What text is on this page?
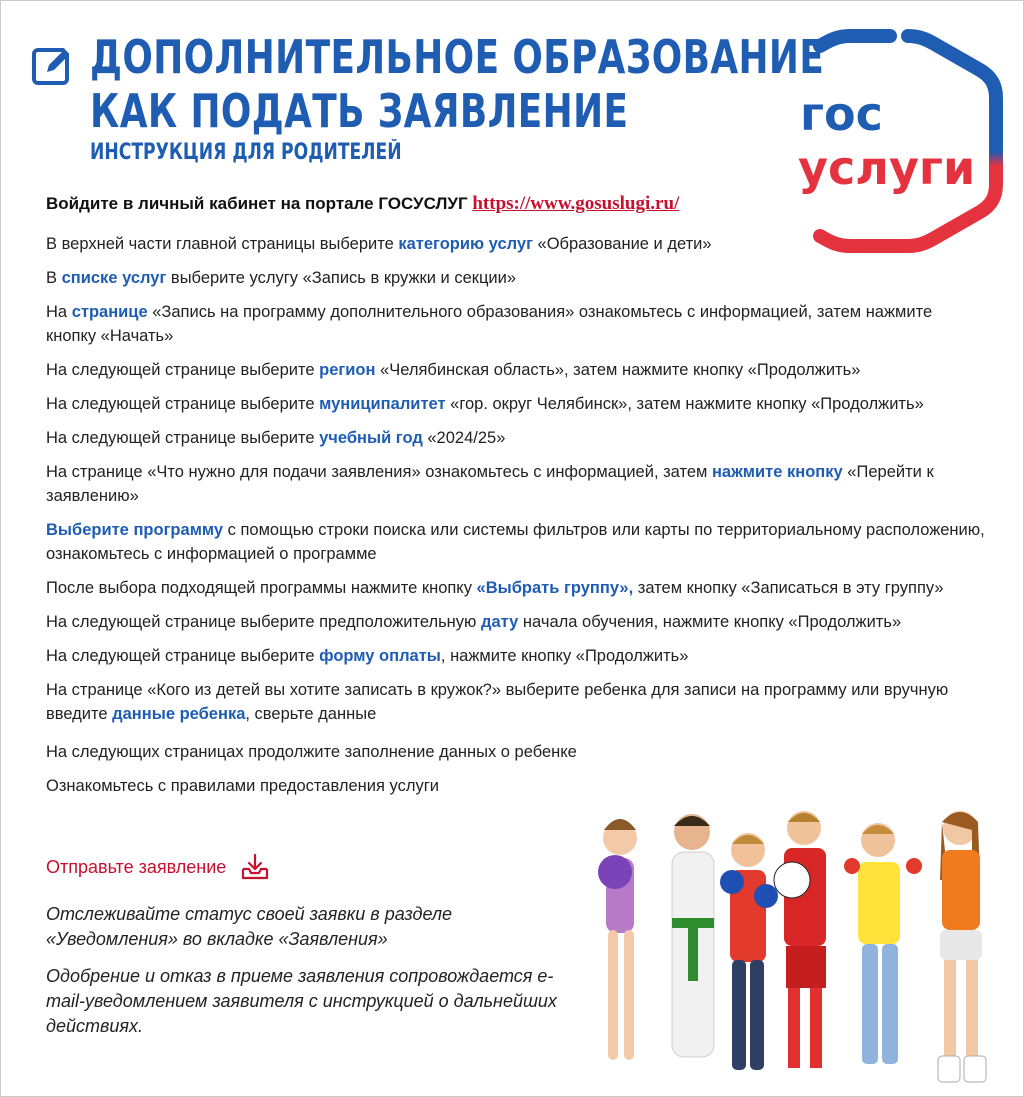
ДОПОЛНИТЕЛЬНОЕ ОБРАЗОВАНИЕ
КАК ПОДАТЬ ЗАЯВЛЕНИЕ
ИНСТРУКЦИЯ ДЛЯ РОДИТЕЛЕЙ
гос
услуги

Войдите в личный кабинет на портале ГОСУСЛУГ https://www.gosuslugi.ru/

В верхней части главной страницы выберите категорию услуг «Образование и дети»
В списке услуг выберите услугу «Запись в кружки и секции»
На странице «Запись на программу дополнительного образования» ознакомьтесь с информацией, затем нажмите кнопку «Начать»
На следующей странице выберите регион «Челябинская область», затем нажмите кнопку «Продолжить»
На следующей странице выберите муниципалитет «гор. округ Челябинск», затем нажмите кнопку «Продолжить»
На следующей странице выберите учебный год «2024/25»
На странице «Что нужно для подачи заявления» ознакомьтесь с информацией, затем нажмите кнопку «Перейти к заявлению»
Выберите программу с помощью строки поиска или системы фильтров или карты по территориальному расположению, ознакомьтесь с информацией о программе
После выбора подходящей программы нажмите кнопку «Выбрать группу», затем кнопку «Записаться в эту группу»
На следующей странице выберите предположительную дату начала обучения, нажмите кнопку «Продолжить»
На следующей странице выберите форму оплаты, нажмите кнопку «Продолжить»
На странице «Кого из детей вы хотите записать в кружок?» выберите ребенка для записи на программу или вручную введите данные ребенка, сверьте данные
На следующих страницах продолжите заполнение данных о ребенке
Ознакомьтесь с правилами предоставления услуги
Отправьте заявление

Отслеживайте статус своей заявки в разделе «Уведомления» во вкладке «Заявления»

Одобрение и отказ в приеме заявления сопровождается e-mail-уведомлением заявителя с инструкцией о дальнейших действиях.
